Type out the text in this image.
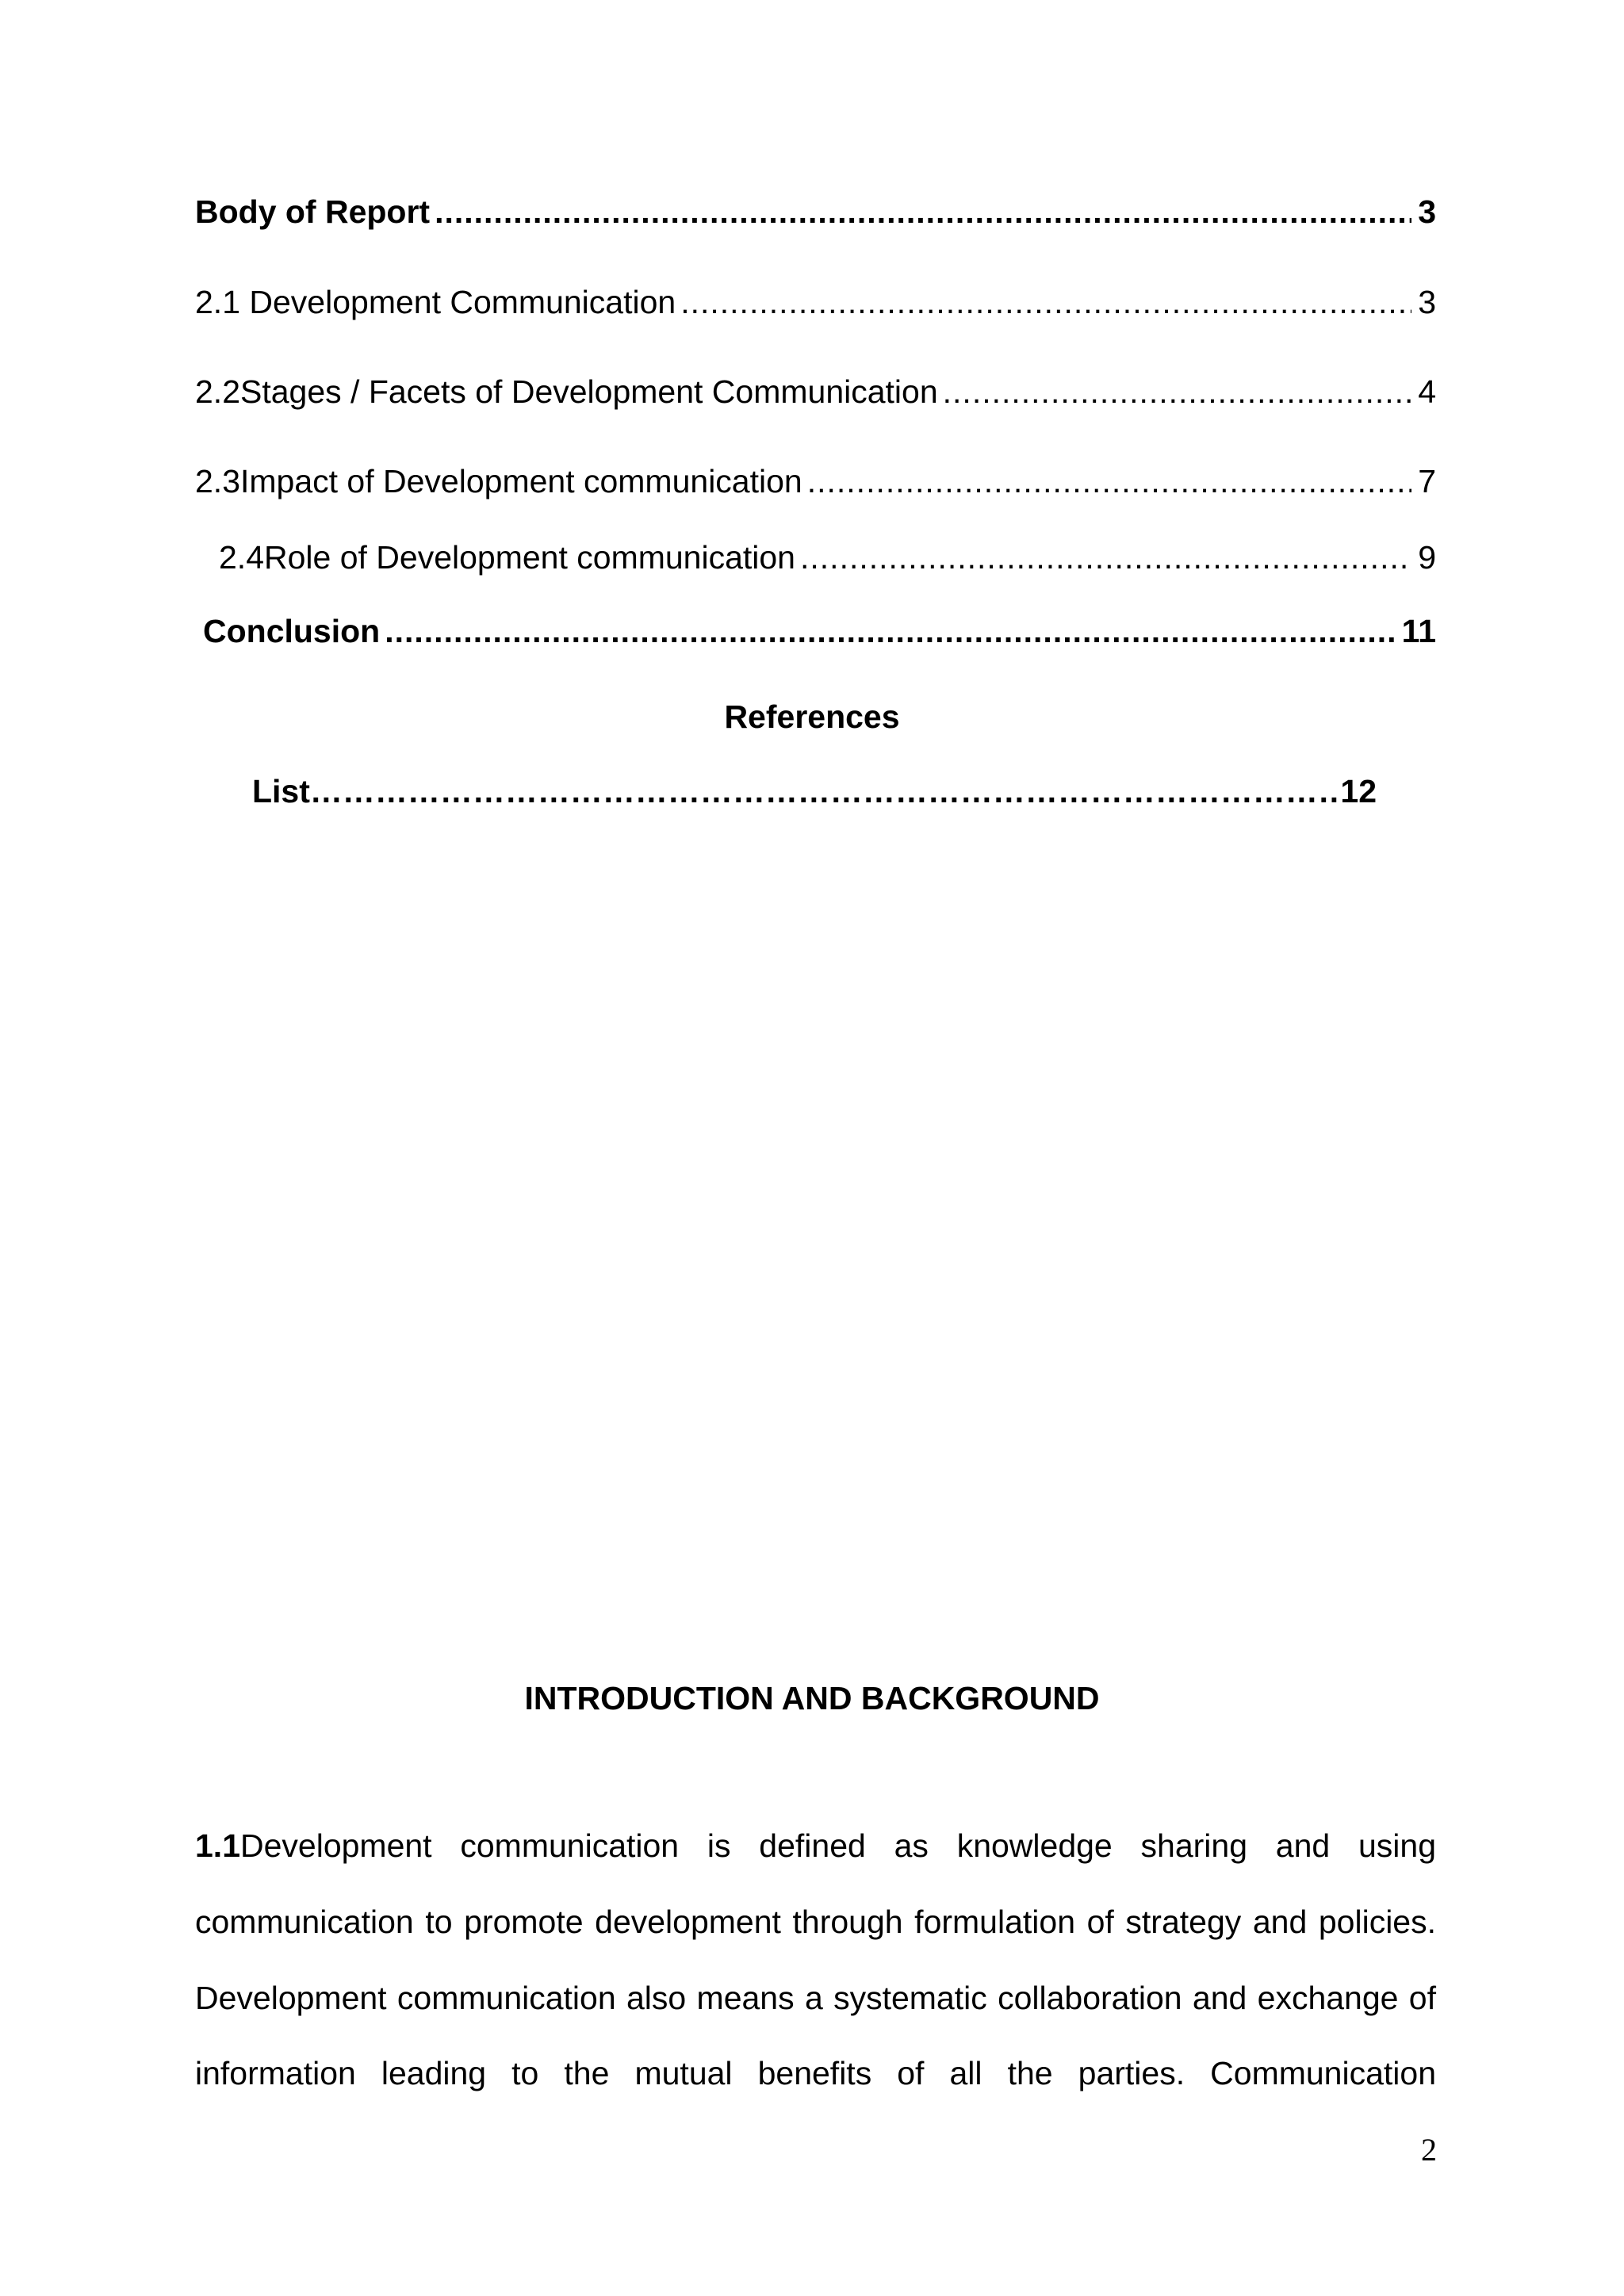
Body of Report .....	3
2.1 Development Communication .....	3
2.2Stages / Facets of Development Communication .....	4
2.3Impact of Development communication .....	7
2.4Role of Development communication .....	9
Conclusion .....	11
References
List ……………………………………………………………………………………………………………………………………………………………………………………………………	12
INTRODUCTION AND BACKGROUND
1.1Development communication is defined as knowledge sharing and using
communication to promote development through formulation of strategy and policies.
Development communication also means a systematic collaboration and exchange of
information leading to the mutual benefits of all the parties. Communication
2
